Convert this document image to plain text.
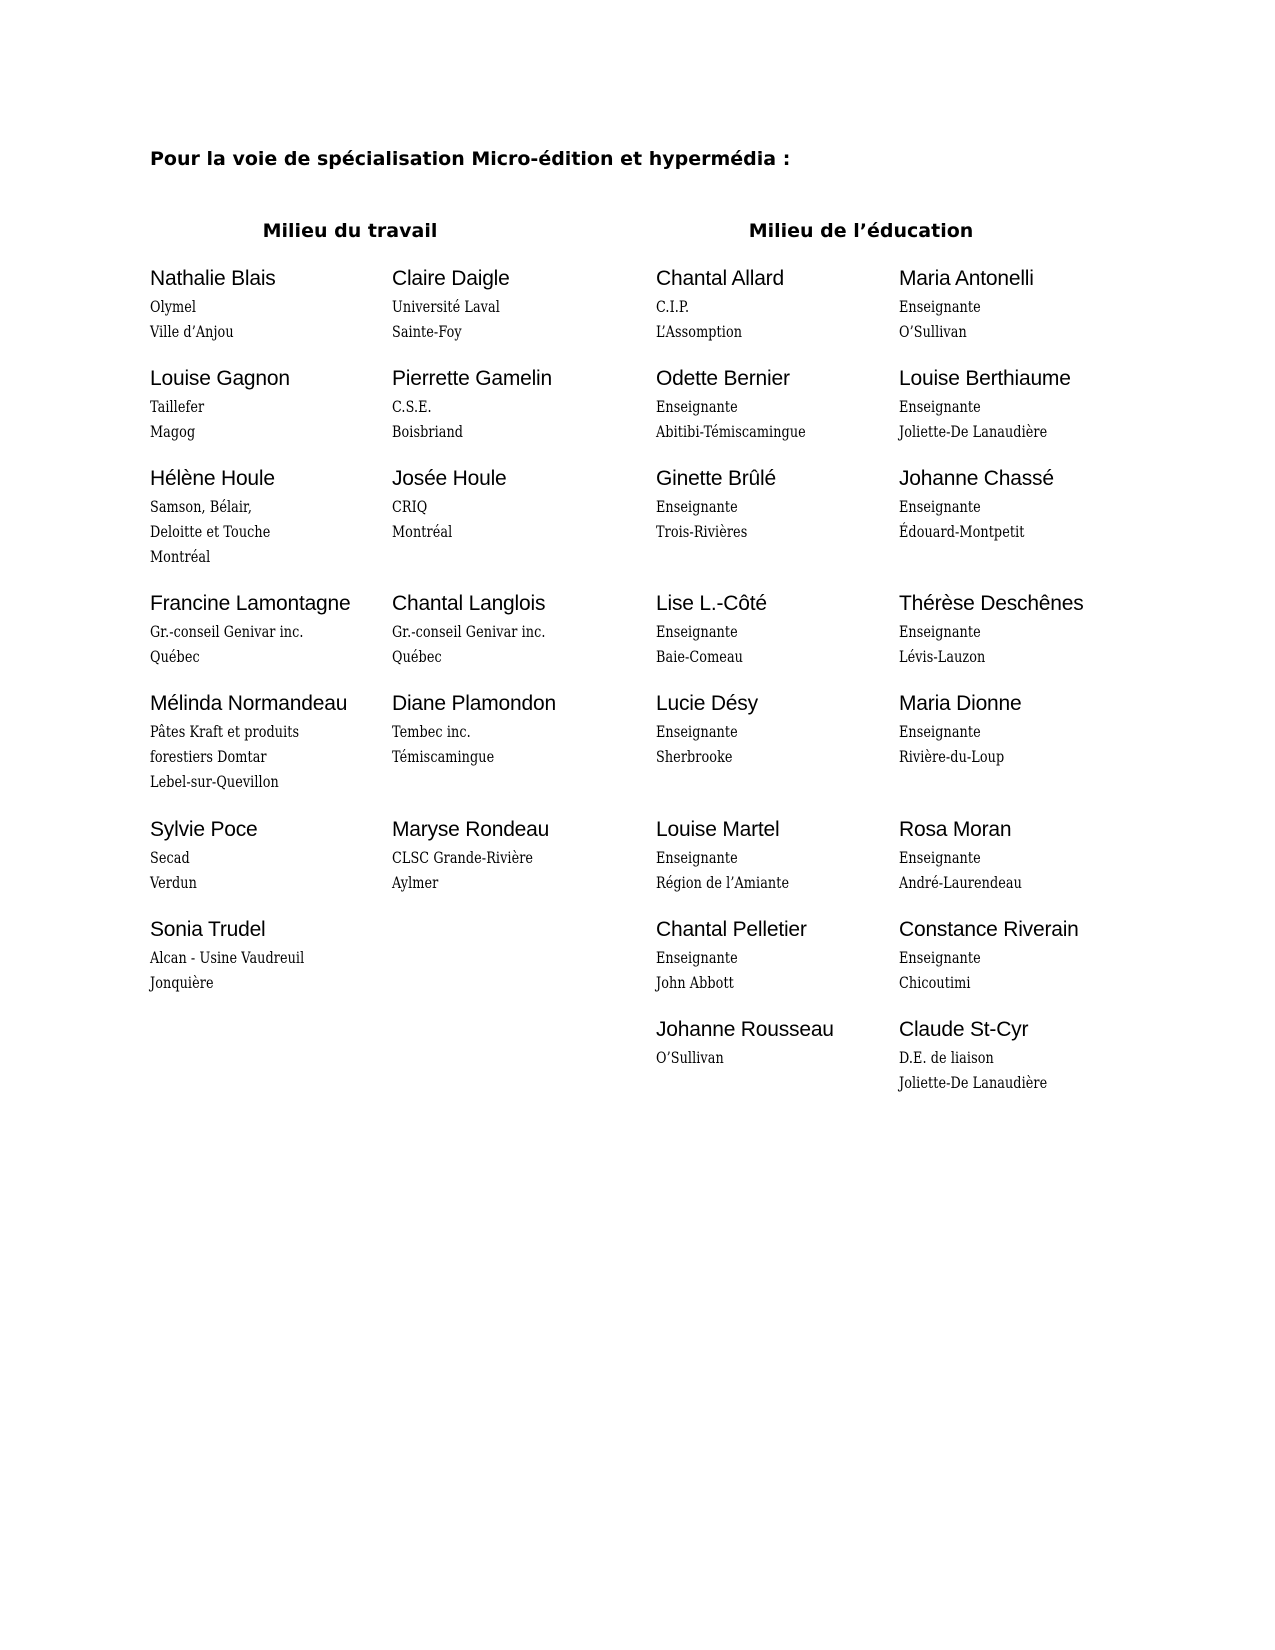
Pour la voie de spécialisation Micro-édition et hypermédia :
Milieu du travail	Milieu de l’éducation
Nathalie Blais
Olymel
Ville d’Anjou
Claire Daigle
Université Laval
Sainte-Foy
Louise Gagnon
Taillefer
Magog
Pierrette Gamelin
C.S.E.
Boisbriand
Hélène Houle
Samson, Bélair,
Deloitte et Touche
Montréal
Josée Houle
CRIQ
Montréal
Francine Lamontagne
Gr.-conseil Genivar inc.
Québec
Chantal Langlois
Gr.-conseil Genivar inc.
Québec
Mélinda Normandeau
Pâtes Kraft et produits
forestiers Domtar
Lebel-sur-Quevillon
Diane Plamondon
Tembec inc.
Témiscamingue
Sylvie Poce
Secad
Verdun
Maryse Rondeau
CLSC Grande-Rivière
Aylmer
Sonia Trudel
Alcan - Usine Vaudreuil
Jonquière
Chantal Allard
C.I.P.
L’Assomption
Maria Antonelli
Enseignante
O’Sullivan
Odette Bernier
Enseignante
Abitibi-Témiscamingue
Louise Berthiaume
Enseignante
Joliette-De Lanaudière
Ginette Brûlé
Enseignante
Trois-Rivières
Johanne Chassé
Enseignante
Édouard-Montpetit
Lise L.-Côté
Enseignante
Baie-Comeau
Thérèse Deschênes
Enseignante
Lévis-Lauzon
Lucie Désy
Enseignante
Sherbrooke
Maria Dionne
Enseignante
Rivière-du-Loup
Louise Martel
Enseignante
Région de l’Amiante
Rosa Moran
Enseignante
André-Laurendeau
Chantal Pelletier
Enseignante
John Abbott
Constance Riverain
Enseignante
Chicoutimi
Johanne Rousseau
O’Sullivan
Claude St-Cyr
D.E. de liaison
Joliette-De Lanaudière
